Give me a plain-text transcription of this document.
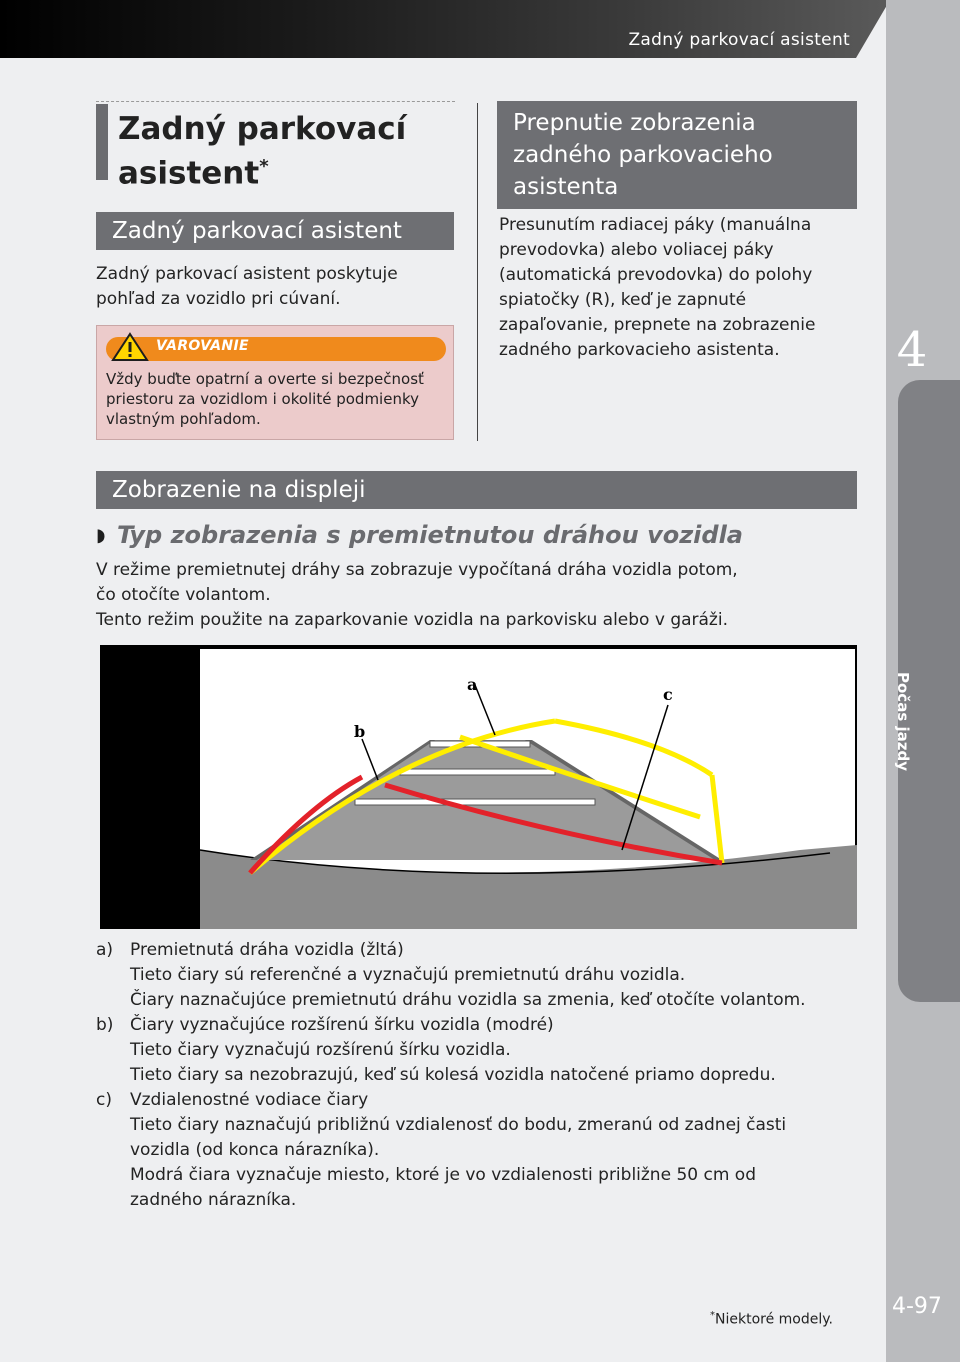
Zadný parkovací asistent
4
Počas jazdy
4-97
Zadný parkovací
asistent*
Zadný parkovací asistent
Zadný parkovací asistent poskytuje pohľad za vozidlo pri cúvaní.
VAROVANIE
Vždy buďte opatrní a overte si bezpečnosť priestoru za vozidlom i okolité podmienky vlastným pohľadom.
Prepnutie zobrazenia
zadného parkovacieho
asistenta
Presunutím radiacej páky (manuálna prevodovka) alebo voliacej páky (automatická prevodovka) do polohy spiatočky (R), keď je zapnuté zapaľovanie, prepnete na zobrazenie zadného parkovacieho asistenta.
Zobrazenie na displeji
◗ Typ zobrazenia s premietnutou dráhou vozidla
V režime premietnutej dráhy sa zobrazuje vypočítaná dráha vozidla potom,
čo otočíte volantom.
Tento režim použite na zaparkovanie vozidla na parkovisku alebo v garáži.
a
b
c
a) Premietnutá dráha vozidla (žltá)
Tieto čiary sú referenčné a vyznačujú premietnutú dráhu vozidla.
Čiary naznačujúce premietnutú dráhu vozidla sa zmenia, keď otočíte volantom.
b) Čiary vyznačujúce rozšírenú šírku vozidla (modré)
Tieto čiary vyznačujú rozšírenú šírku vozidla.
Tieto čiary sa nezobrazujú, keď sú kolesá vozidla natočené priamo dopredu.
c)	Vzdialenostné vodiace čiary
Tieto čiary naznačujú približnú vzdialenosť do bodu, zmeranú od zadnej časti
vozidla (od konca nárazníka).
Modrá čiara vyznačuje miesto, ktoré je vo vzdialenosti približne 50 cm od
zadného nárazníka.
*Niektoré modely.
